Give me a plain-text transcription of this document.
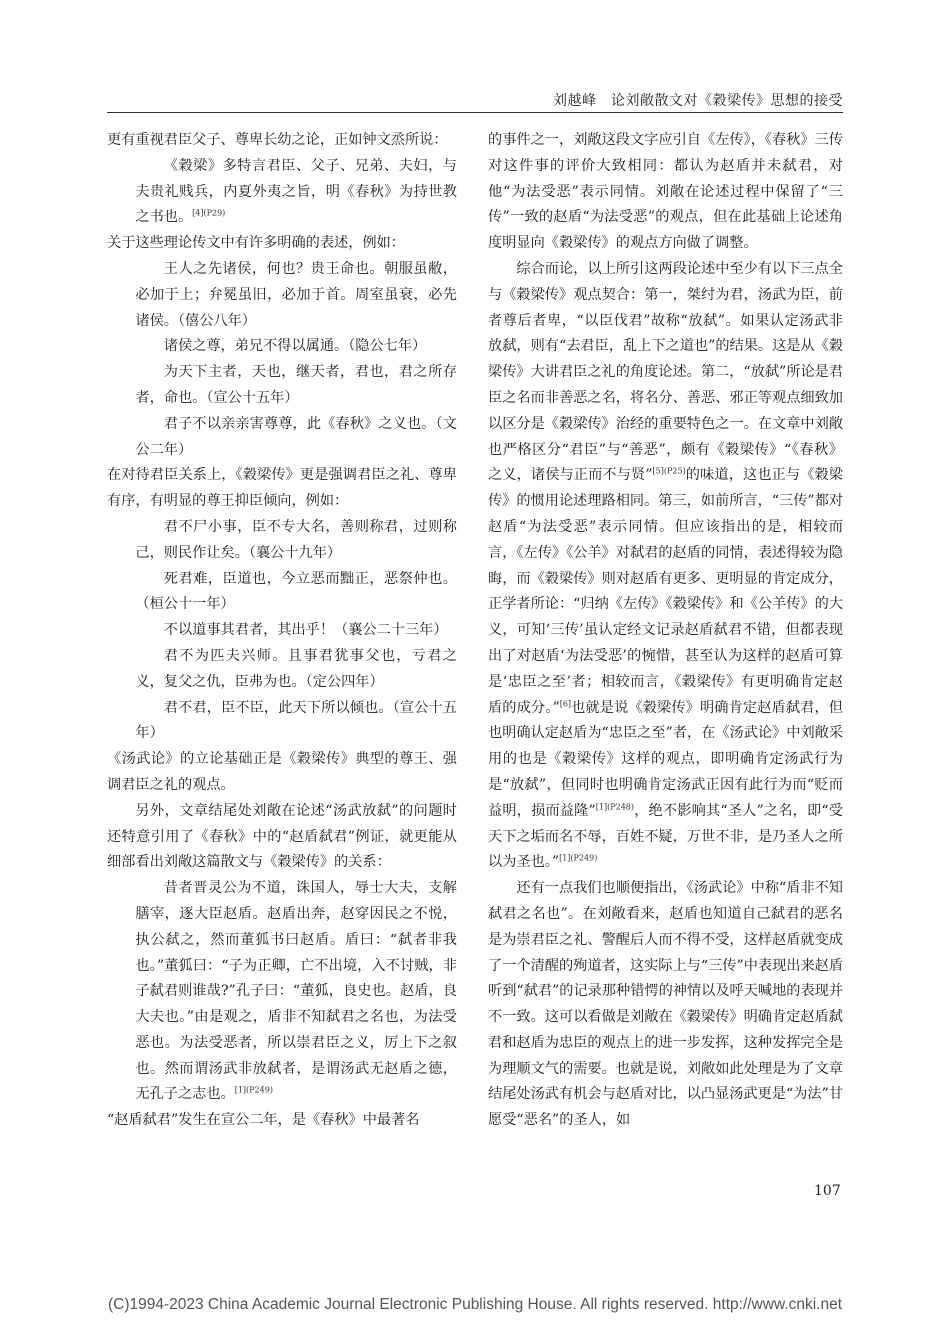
刘越峰　论刘敞散文对《穀梁传》思想的接受

更有重视君臣父子、尊卑长幼之论，正如钟文烝所说：

《穀梁》多特言君臣、父子、兄弟、夫妇，与夫贵礼贱兵，内夏外夷之旨，明《春秋》为持世教之书也。$^{[4](P29)}$

关于这些理论传文中有许多明确的表述，例如：

王人之先诸侯，何也？贵王命也。朝服虽敝，必加于上；弁冕虽旧，必加于首。周室虽衰，必先诸侯。（僖公八年）

诸侯之尊，弟兄不得以属通。（隐公七年）

为天下主者，天也，继天者，君也，君之所存者，命也。（宣公十五年）

君子不以亲亲害尊尊，此《春秋》之义也。（文公二年）

在对待君臣关系上，《穀梁传》更是强调君臣之礼、尊卑有序，有明显的尊王抑臣倾向，例如：

君不尸小事，臣不专大名，善则称君，过则称己，则民作让矣。（襄公十九年）

死君难，臣道也，今立恶而黜正，恶祭仲也。（桓公十一年）

不以道事其君者，其出乎！（襄公二十三年）

君不为匹夫兴师。且事君犹事父也，亏君之义，复父之仇，臣弗为也。（定公四年）

君不君，臣不臣，此天下所以倾也。（宣公十五年）

《汤武论》的立论基础正是《穀梁传》典型的尊王、强调君臣之礼的观点。

另外，文章结尾处刘敞在论述“汤武放弑”的问题时还特意引用了《春秋》中的“赵盾弑君”例证，就更能从细部看出刘敞这篇散文与《穀梁传》的关系：

昔者晋灵公为不道，诛国人，辱士大夫，支解膳宰，逐大臣赵盾。赵盾出奔，赵穿因民之不悦，执公弑之，然而董狐书曰赵盾。盾曰：“弑者非我也。”董狐曰：“子为正卿，亡不出境，入不讨贼，非子弑君则谁哉?”孔子曰：“董狐，良史也。赵盾，良大夫也。”由是观之，盾非不知弑君之名也，为法受恶也。为法受恶者，所以崇君臣之义，厉上下之叙也。然而谓汤武非放弑者，是谓汤武无赵盾之德，无孔子之志也。$^{[1](P249)}$

“赵盾弑君”发生在宣公二年，是《春秋》中最著名

的事件之一，刘敞这段文字应引自《左传》，《春秋》三传对这件事的评价大致相同：都认为赵盾并未弑君，对他“为法受恶”表示同情。刘敞在论述过程中保留了“三传”一致的赵盾“为法受恶”的观点，但在此基础上论述角度明显向《穀梁传》的观点方向做了调整。

综合而论，以上所引这两段论述中至少有以下三点全与《穀梁传》观点契合：第一，桀纣为君，汤武为臣，前者尊后者卑，“以臣伐君”故称“放弑”。如果认定汤武非放弑，则有“去君臣，乱上下之道也”的结果。这是从《穀梁传》大讲君臣之礼的角度论述。第二，“放弑”所论是君臣之名而非善恶之名，将名分、善恶、邪正等观点细致加以区分是《穀梁传》治经的重要特色之一。在文章中刘敞也严格区分“君臣”与“善恶”，颇有《穀梁传》“《春秋》之义，诸侯与正而不与贤”$^{[5](P25)}$的味道，这也正与《穀梁传》的惯用论述理路相同。第三，如前所言，“三传”都对赵盾“为法受恶”表示同情。但应该指出的是，相较而言，《左传》《公羊》对弑君的赵盾的同情，表述得较为隐晦，而《穀梁传》则对赵盾有更多、更明显的肯定成分，正学者所论：“归纳《左传》《穀梁传》和《公羊传》的大义，可知‘三传’虽认定经文记录赵盾弑君不错，但都表现出了对赵盾‘为法受恶’的惋惜，甚至认为这样的赵盾可算是‘忠臣之至’者；相较而言，《穀梁传》有更明确肯定赵盾的成分。”[6]也就是说《穀梁传》明确肯定赵盾弑君，但也明确认定赵盾为“忠臣之至”者，在《汤武论》中刘敞采用的也是《穀梁传》这样的观点，即明确肯定汤武行为是“放弑”，但同时也明确肯定汤武正因有此行为而“贬而益明，损而益隆”$^{[1](P248)}$，绝不影响其“圣人”之名，即“受天下之垢而名不辱，百姓不疑，万世不非，是乃圣人之所以为圣也。”$^{[1](P249)}$

还有一点我们也顺便指出，《汤武论》中称“盾非不知弑君之名也”。在刘敞看来，赵盾也知道自己弑君的恶名是为崇君臣之礼、警醒后人而不得不受，这样赵盾就变成了一个清醒的殉道者，这实际上与“三传”中表现出来赵盾听到“弑君”的记录那种错愕的神情以及呼天喊地的表现并不一致。这可以看做是刘敞在《穀梁传》明确肯定赵盾弑君和赵盾为忠臣的观点上的进一步发挥，这种发挥完全是为理顺文气的需要。也就是说，刘敞如此处理是为了文章结尾处汤武有机会与赵盾对比，以凸显汤武更是“为法”甘愿受“恶名”的圣人，如

107
(C)1994-2023 China Academic Journal Electronic Publishing House. All rights reserved. http://www.cnki.net
